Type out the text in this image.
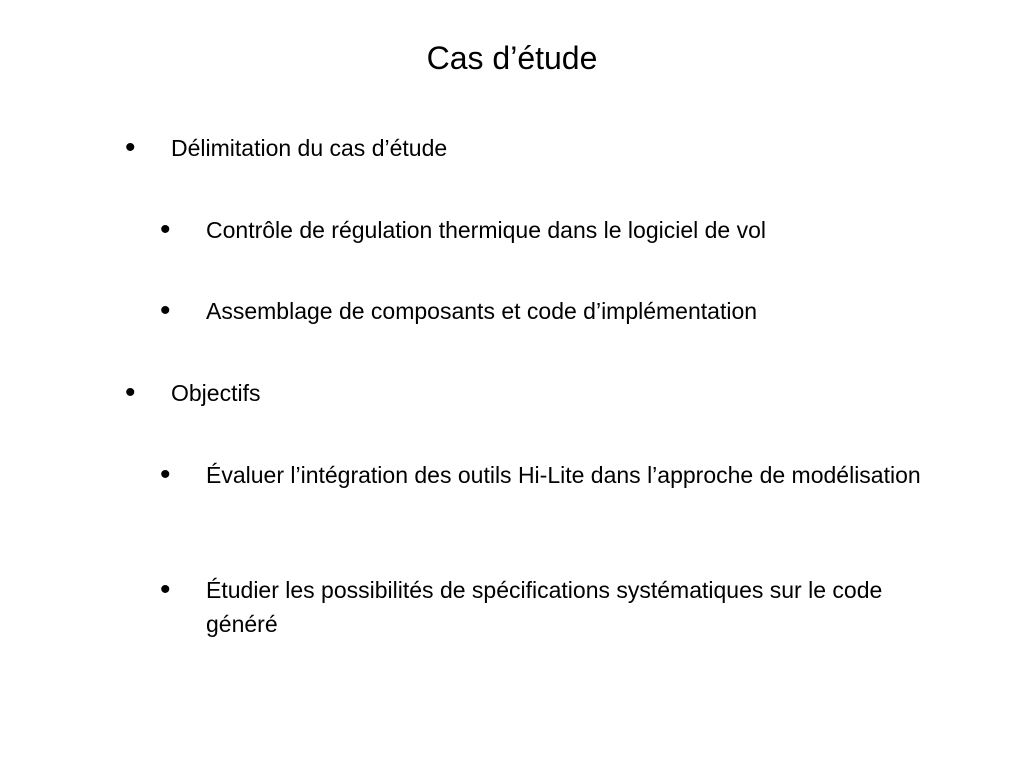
Cas d’étude
• Délimitation du cas d’étude
• Contrôle de régulation thermique dans le logiciel de vol
• Assemblage de composants et code d’implémentation
• Objectifs
• Évaluer l’intégration des outils Hi-Lite dans l’approche de modélisation
• Étudier les possibilités de spécifications systématiques sur le code généré
